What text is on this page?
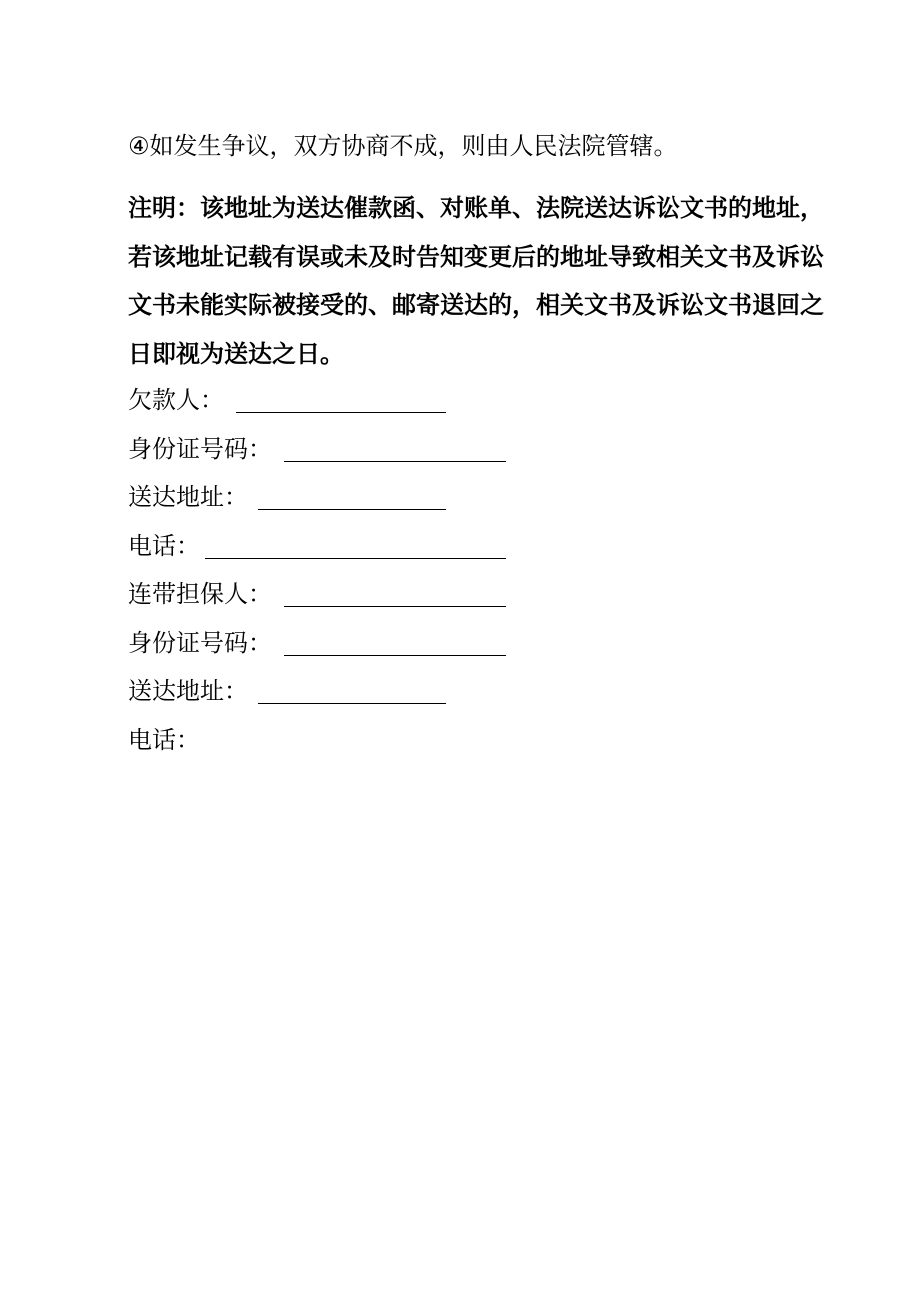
④如发生争议，双方协商不成，则由人民法院管辖。
注明：该地址为送达催款函、对账单、法院送达诉讼文书的地址，若该地址记载有误或未及时告知变更后的地址导致相关文书及诉讼文书未能实际被接受的、邮寄送达的，相关文书及诉讼文书退回之日即视为送达之日。
欠款人：
身份证号码：
送达地址：
电话：
连带担保人：
身份证号码：
送达地址：
电话：
